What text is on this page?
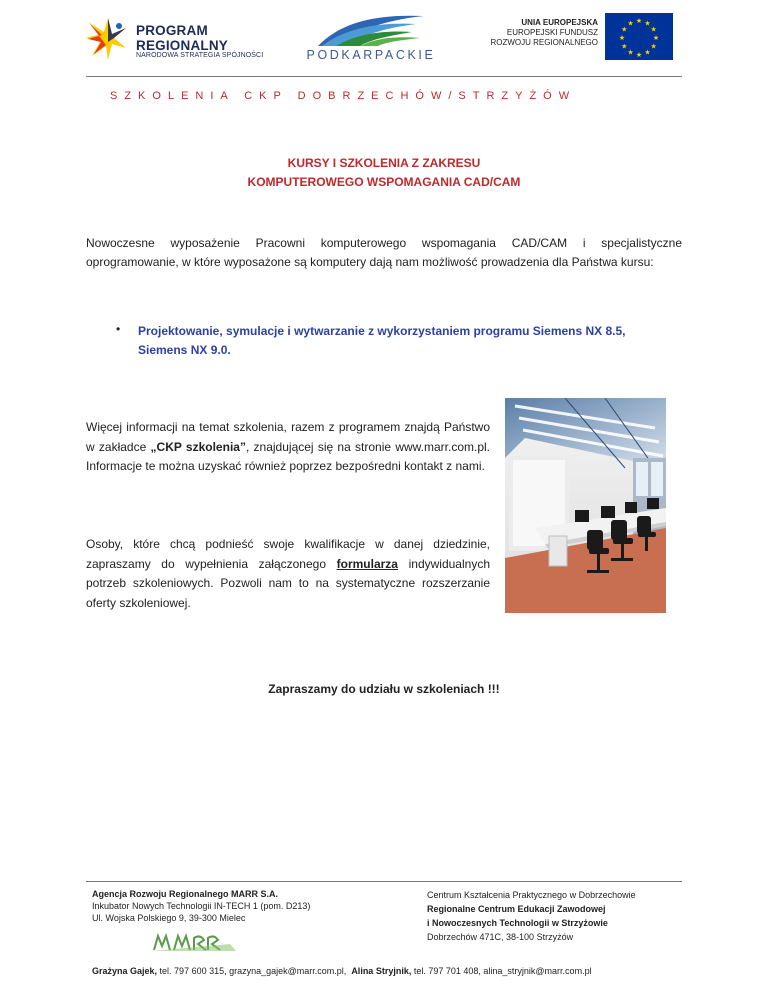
PROGRAM
REGIONALNY
NARODOWA STRATEGIA SPÓJNOŚCI	PODKARPACKIE
UNIA EUROPEJSKA
EUROPEJSKI FUNDUSZ
ROZWOJU REGIONALNEGO
★ ★
★
★
★
★
★
★
★
★
★
★
SZKOLENIA CKP DOBRZECHÓW/STRZYŻÓW
KURSY I SZKOLENIA Z ZAKRESU
KOMPUTEROWEGO WSPOMAGANIA CAD/CAM
Nowoczesne wyposażenie Pracowni komputerowego wspomagania CAD/CAM i specjalistyczne oprogramowanie, w które wyposażone są komputery dają nam możliwość prowadzenia dla Państwa kursu:
• Projektowanie, symulacje i wytwarzanie z wykorzystaniem programu Siemens NX 8.5, Siemens NX 9.0.
Więcej informacji na temat szkolenia, razem z programem znajdą Państwo w zakładce „CKP szkolenia”, znajdującej się na stronie www.marr.com.pl. Informacje te można uzyskać również poprzez bezpośredni kontakt z nami.
Osoby, które chcą podnieść swoje kwalifikacje w danej dziedzinie, zapraszamy do wypełnienia załączonego formularza indywidualnych potrzeb szkoleniowych. Pozwoli nam to na systematyczne rozszerzanie oferty szkoleniowej.
Zapraszamy do udziału w szkoleniach !!!
Agencja Rozwoju Regionalnego MARR S.A.
Inkubator Nowych Technologii IN-TECH 1 (pom. D213)
Ul. Wojska Polskiego 9, 39-300 Mielec
Centrum Kształcenia Praktycznego w Dobrzechowie
Regionalne Centrum Edukacji Zawodowej
i Nowoczesnych Technologii w Strzyżowie
Dobrzechów 471C, 38-100 Strzyżów
Grażyna Gajek, tel. 797 600 315, grazyna_gajek@marr.com.pl, Alina Stryjnik, tel. 797 701 408, alina_stryjnik@marr.com.pl
